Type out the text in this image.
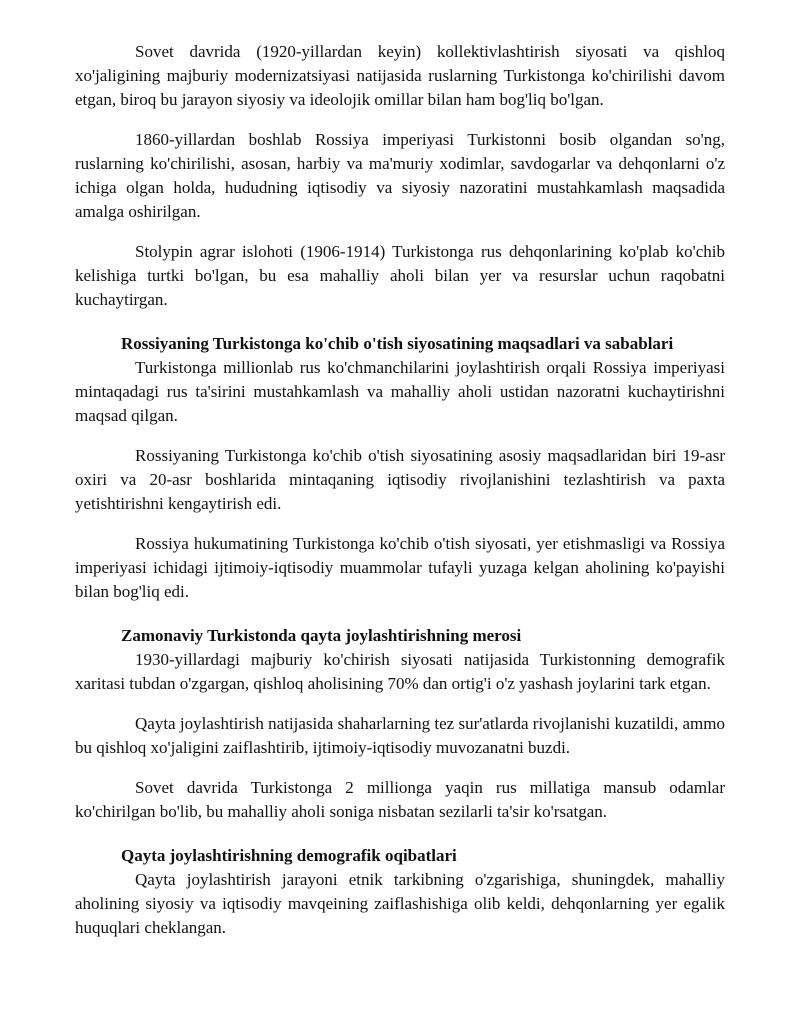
Sovet davrida (1920-yillardan keyin) kollektivlashtirish siyosati va qishloq xo'jaligining majburiy modernizatsiyasi natijasida ruslarning Turkistonga ko'chirilishi davom etgan, biroq bu jarayon siyosiy va ideolojik omillar bilan ham bog'liq bo'lgan.

1860-yillardan boshlab Rossiya imperiyasi Turkistonni bosib olgandan so'ng, ruslarning ko'chirilishi, asosan, harbiy va ma'muriy xodimlar, savdogarlar va dehqonlarni o'z ichiga olgan holda, hududning iqtisodiy va siyosiy nazoratini mustahkamlash maqsadida amalga oshirilgan.

Stolypin agrar islohoti (1906-1914) Turkistonga rus dehqonlarining ko'plab ko'chib kelishiga turtki bo'lgan, bu esa mahalliy aholi bilan yer va resurslar uchun raqobatni kuchaytirgan.

Rossiyaning Turkistonga ko'chib o'tish siyosatining maqsadlari va sabablari

Turkistonga millionlab rus ko'chmanchilarini joylashtirish orqali Rossiya imperiyasi mintaqadagi rus ta'sirini mustahkamlash va mahalliy aholi ustidan nazoratni kuchaytirishni maqsad qilgan.

Rossiyaning Turkistonga ko'chib o'tish siyosatining asosiy maqsadlaridan biri 19-asr oxiri va 20-asr boshlarida mintaqaning iqtisodiy rivojlanishini tezlashtirish va paxta yetishtirishni kengaytirish edi.

Rossiya hukumatining Turkistonga ko'chib o'tish siyosati, yer etishmasligi va Rossiya imperiyasi ichidagi ijtimoiy-iqtisodiy muammolar tufayli yuzaga kelgan aholining ko'payishi bilan bog'liq edi.

Zamonaviy Turkistonda qayta joylashtirishning merosi

1930-yillardagi majburiy ko'chirish siyosati natijasida Turkistonning demografik xaritasi tubdan o'zgargan, qishloq aholisining 70% dan ortig'i o'z yashash joylarini tark etgan.

Qayta joylashtirish natijasida shaharlarning tez sur'atlarda rivojlanishi kuzatildi, ammo bu qishloq xo'jaligini zaiflashtirib, ijtimoiy-iqtisodiy muvozanatni buzdi.

Sovet davrida Turkistonga 2 millionga yaqin rus millatiga mansub odamlar ko'chirilgan bo'lib, bu mahalliy aholi soniga nisbatan sezilarli ta'sir ko'rsatgan.

Qayta joylashtirishning demografik oqibatlari

Qayta joylashtirish jarayoni etnik tarkibning o'zgarishiga, shuningdek, mahalliy aholining siyosiy va iqtisodiy mavqeining zaiflashishiga olib keldi, dehqonlarning yer egalik huquqlari cheklangan.
